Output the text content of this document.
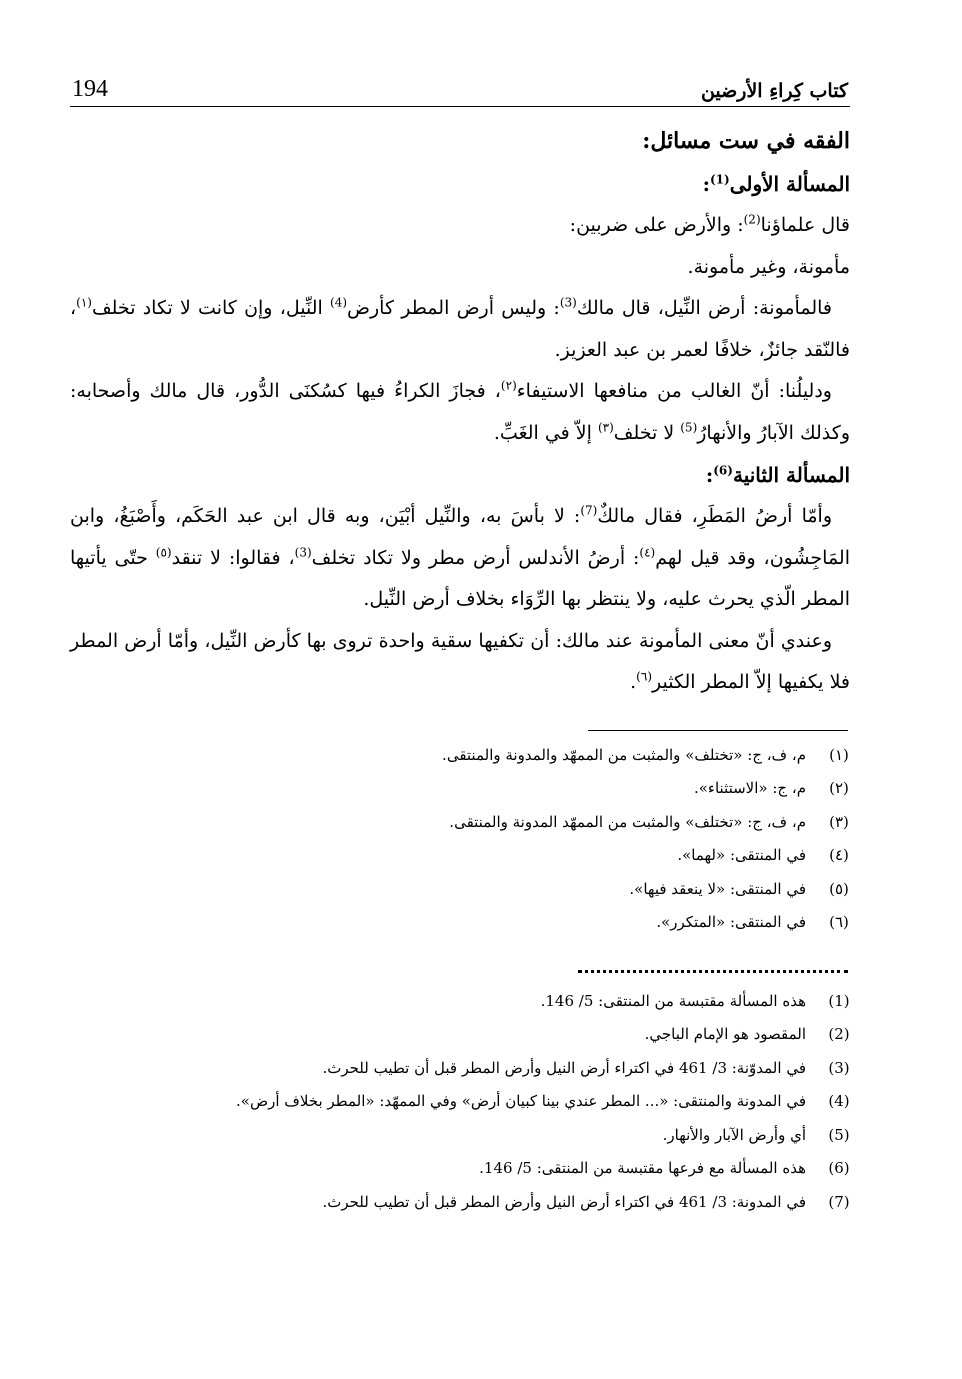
كتاب كِراءِ الأرضين
194
الفقه في ست مسائل:
المسألة الأولى$^{(1)}$:

قال علماؤنا$^{(2)}$: والأرض على ضربين:

مأمونة، وغير مأمونة.

فالمأمونة: أرض النِّيل، قال مالك$^{(3)}$: وليس أرض المطر كأرض$^{(4)}$ النِّيل، وإن كانت لا تكاد تخلف$^{(١)}$، فالنّقد جائزٌ، خلافًا لعمر بن عبد العزيز.

ودليلُنا: أنّ الغالب من منافعها الاستيفاء$^{(٢)}$، فجازَ الكراءُ فيها كسُكنَى الدُّور، قال مالك وأصحابه: وكذلك الآبارُ والأنهارُ$^{(5)}$ لا تخلف$^{(٣)}$ إلاّ في الغَبِّ.

المسألة الثانية$^{(6)}$:

وأمّا أرضُ المَطَرِ، فقال مالكٌ$^{(7)}$: لا بأسَ به، والنِّيل أبْيَن، وبه قال ابن عبد الحَكَم، وأَصْبَغُ، وابن المَاجِشُون، وقد قيل لهم$^{(٤)}$: أرضُ الأندلس أرض مطر ولا تكاد تخلف$^{(3)}$، فقالوا: لا تنقد$^{(٥)}$ حتّى يأتيها المطر الّذي يحرث عليه، ولا ينتظر بها الرِّوَاء بخلاف أرض النِّيل.

وعندي أنّ معنى المأمونة عند مالك: أن تكفيها سقية واحدة تروى بها كأرض النِّيل، وأمّا أرض المطر فلا يكفيها إلاّ المطر الكثير$^{(٦)}$.

(١)م، ف، ج: «تختلف» والمثبت من الممهّد والمدونة والمنتقى.
(٢)م، ج: «الاستثناء».
(٣)م، ف، ج: «تختلف» والمثبت من الممهّد المدونة والمنتقى.
(٤)في المنتقى: «لهما».
(٥)في المنتقى: «لا ينعقد فيها».
(٦)في المنتقى: «المتكرر».
(1)هذه المسألة مقتبسة من المنتقى: 5/ 146.
(2)المقصود هو الإمام الباجي.
(3)في المدوّنة: 3/ 461 في اكتراء أرض النيل وأرض المطر قبل أن تطيب للحرث.
(4)في المدونة والمنتقى: «... المطر عندي بينا كبيان أرض» وفي الممهّد: «المطر بخلاف أرض».
(5)أي وأرض الآبار والأنهار.
(6)هذه المسألة مع فرعها مقتبسة من المنتقى: 5/ 146.
(7)في المدونة: 3/ 461 في اكتراء أرض النيل وأرض المطر قبل أن تطيب للحرث.
